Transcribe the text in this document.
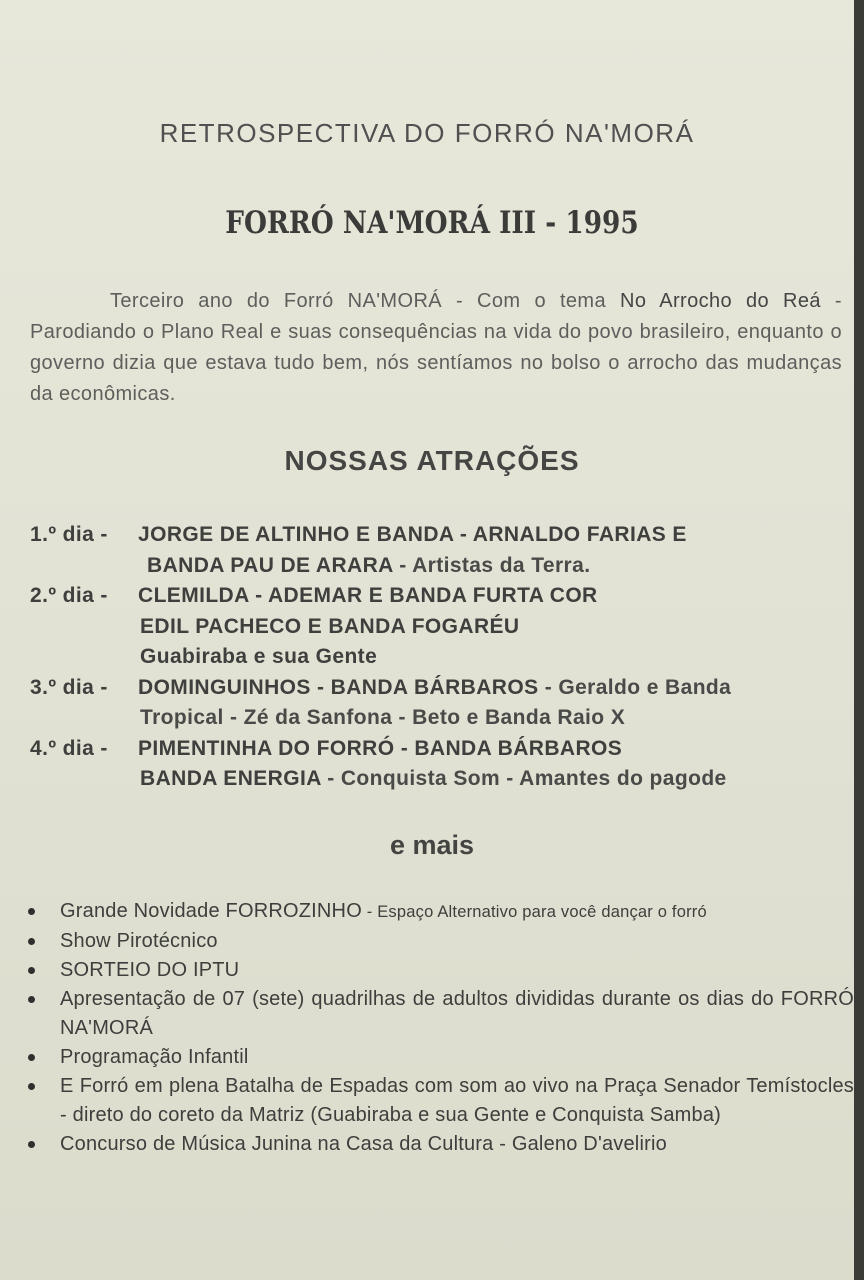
RETROSPECTIVA DO FORRÓ NA'MORÁ
FORRÓ NA'MORÁ III - 1995
Terceiro ano do Forró NA'MORÁ - Com o tema No Arrocho do Reá - Parodiando o Plano Real e suas consequências na vida do povo brasileiro, enquanto o governo dizia que estava tudo bem, nós sentíamos no bolso o arrocho das mudanças da econômicas.
NOSSAS ATRAÇÕES
1.º dia - JORGE DE ALTINHO E BANDA - ARNALDO FARIAS E
BANDA PAU DE ARARA - Artistas da Terra.
2.º dia - CLEMILDA - ADEMAR E BANDA FURTA COR
EDIL PACHECO E BANDA FOGARÉU
Guabiraba e sua Gente
3.º dia - DOMINGUINHOS - BANDA BÁRBAROS - Geraldo e Banda
Tropical - Zé da Sanfona - Beto e Banda Raio X
4.º dia - PIMENTINHA DO FORRÓ - BANDA BÁRBAROS
BANDA ENERGIA - Conquista Som - Amantes do pagode
e mais
Grande Novidade FORROZINHO - Espaço Alternativo para você dançar o forró
Show Pirotécnico
SORTEIO DO IPTU
Apresentação de 07 (sete) quadrilhas de adultos divididas durante os dias do FORRÓ NA'MORÁ
Programação Infantil
E Forró em plena Batalha de Espadas com som ao vivo na Praça Senador Temístocles - direto do coreto da Matriz (Guabiraba e sua Gente e Conquista Samba)
Concurso de Música Junina na Casa da Cultura - Galeno D'avelirio
